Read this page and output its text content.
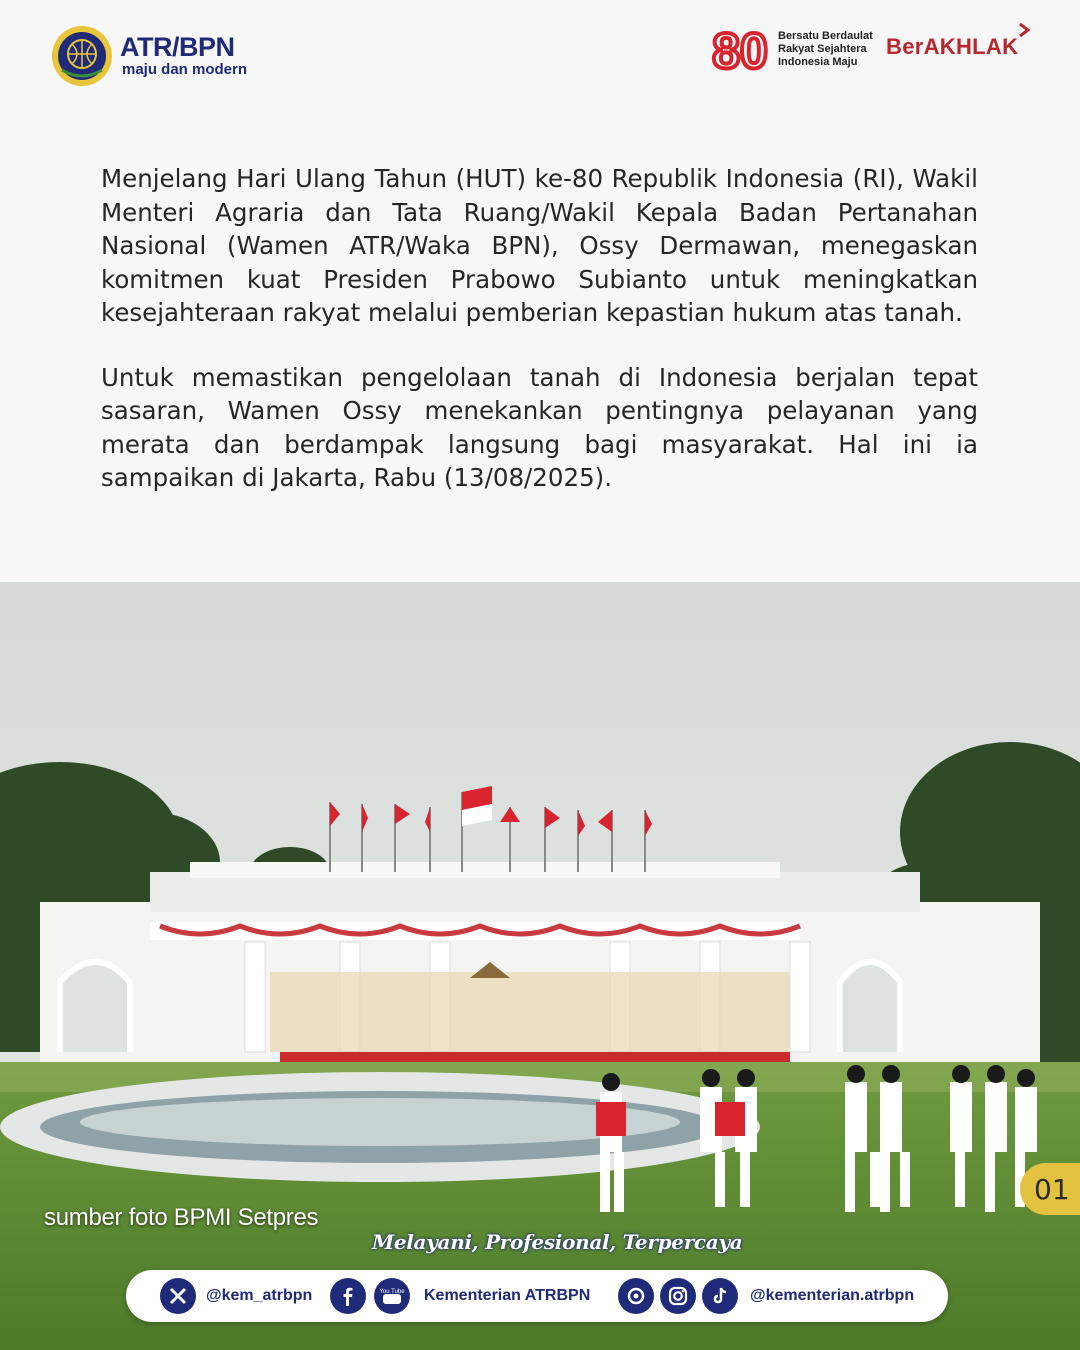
ATR/BPN
maju dan modern	80 Bersatu Berdaulat
Rakyat Sejahtera
Indonesia Maju
BerAKHLAK

Menjelang Hari Ulang Tahun (HUT) ke-80 Republik Indonesia (RI), Wakil Menteri Agraria dan Tata Ruang/Wakil Kepala Badan Pertanahan Nasional (Wamen ATR/Waka BPN), Ossy Dermawan, menegaskan komitmen kuat Presiden Prabowo Subianto untuk meningkatkan kesejahteraan rakyat melalui pemberian kepastian hukum atas tanah.

Untuk memastikan pengelolaan tanah di Indonesia berjalan tepat sasaran, Wamen Ossy menekankan pentingnya pelayanan yang merata dan berdampak langsung bagi masyarakat. Hal ini ia sampaikan di Jakarta, Rabu (13/08/2025).

sumber foto BPMI Setpres
01
Melayani, Profesional, Terpercaya
@kem_atrbpn	You Tube Kementerian ATRBPN	@kementerian.atrbpn
